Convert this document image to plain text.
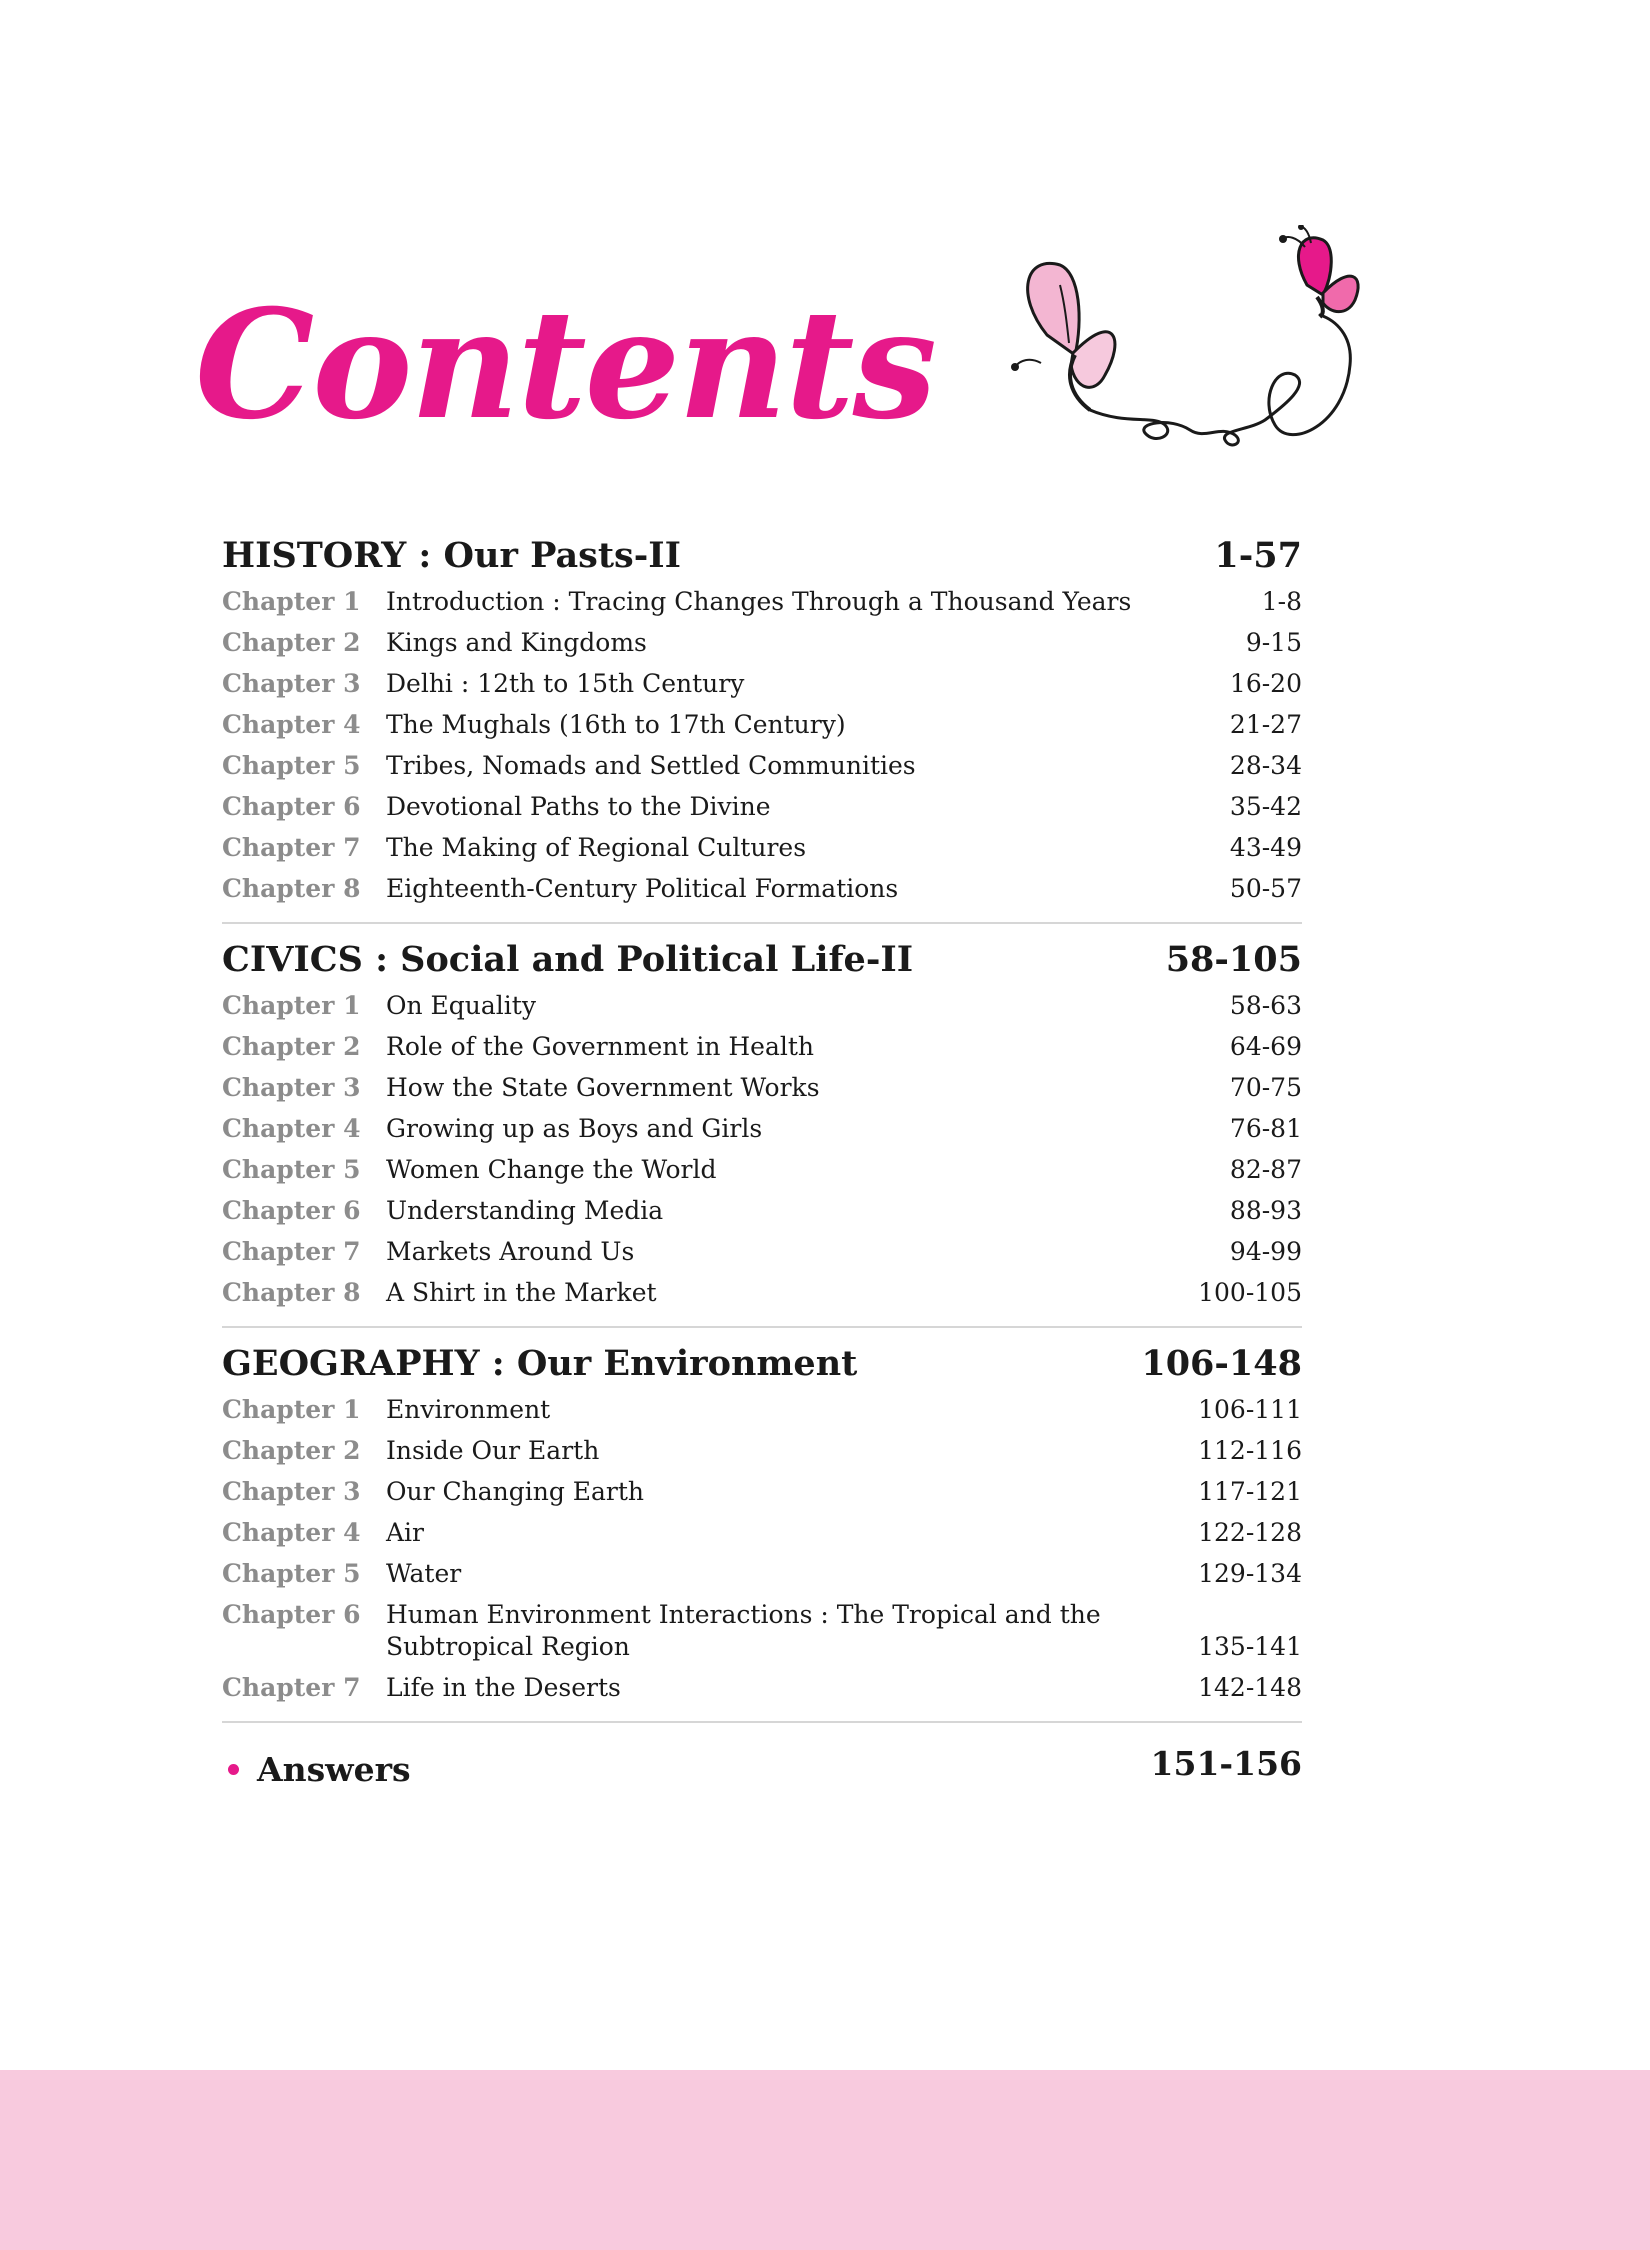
Contents
HISTORY : Our Pasts-II	1-57
Chapter 1	Introduction : Tracing Changes Through a Thousand Years	1-8
Chapter 2	Kings and Kingdoms	9-15
Chapter 3	Delhi : 12th to 15th Century	16-20
Chapter 4	The Mughals (16th to 17th Century)	21-27
Chapter 5	Tribes, Nomads and Settled Communities	28-34
Chapter 6	Devotional Paths to the Divine	35-42
Chapter 7	The Making of Regional Cultures	43-49
Chapter 8	Eighteenth-Century Political Formations	50-57
CIVICS : Social and Political Life-II	58-105
Chapter 1	On Equality	58-63
Chapter 2	Role of the Government in Health	64-69
Chapter 3	How the State Government Works	70-75
Chapter 4	Growing up as Boys and Girls	76-81
Chapter 5	Women Change the World	82-87
Chapter 6	Understanding Media	88-93
Chapter 7	Markets Around Us	94-99
Chapter 8	A Shirt in the Market	100-105
GEOGRAPHY : Our Environment	106-148
Chapter 1	Environment	106-111
Chapter 2	Inside Our Earth	112-116
Chapter 3	Our Changing Earth	117-121
Chapter 4	Air	122-128
Chapter 5	Water	129-134
Chapter 6	Human Environment Interactions : The Tropical and the
Subtropical Region	135-141
Chapter 7	Life in the Deserts	142-148
Answers	151-156
